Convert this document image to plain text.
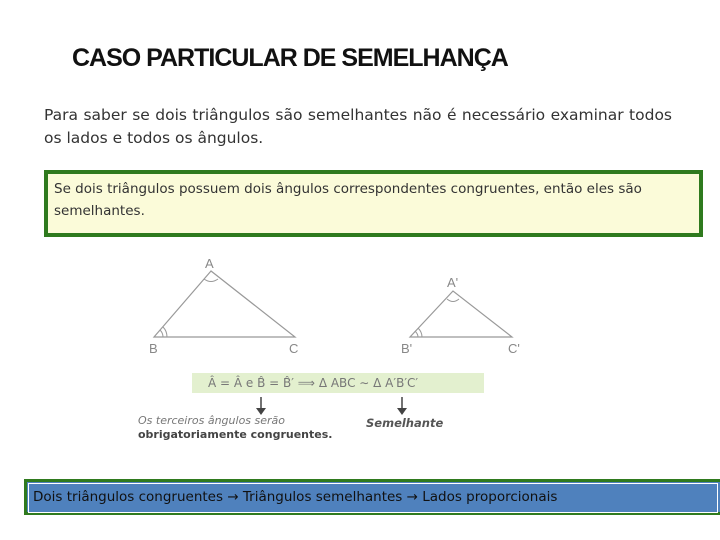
CASO PARTICULAR DE SEMELHANÇA
Para saber se dois triângulos são semelhantes não é necessário examinar todos os lados e todos os ângulos.
Se dois triângulos possuem dois ângulos correspondentes congruentes, então eles são semelhantes.
A
B	C
A'
B'	C'
Â = Â e B̂ = B̂′ ⟹ Δ ABC ∼ Δ A′B′C′
Os terceiros ângulos serão
obrigatoriamente congruentes.
Semelhante
Dois triângulos congruentes → Triângulos semelhantes → Lados proporcionais
